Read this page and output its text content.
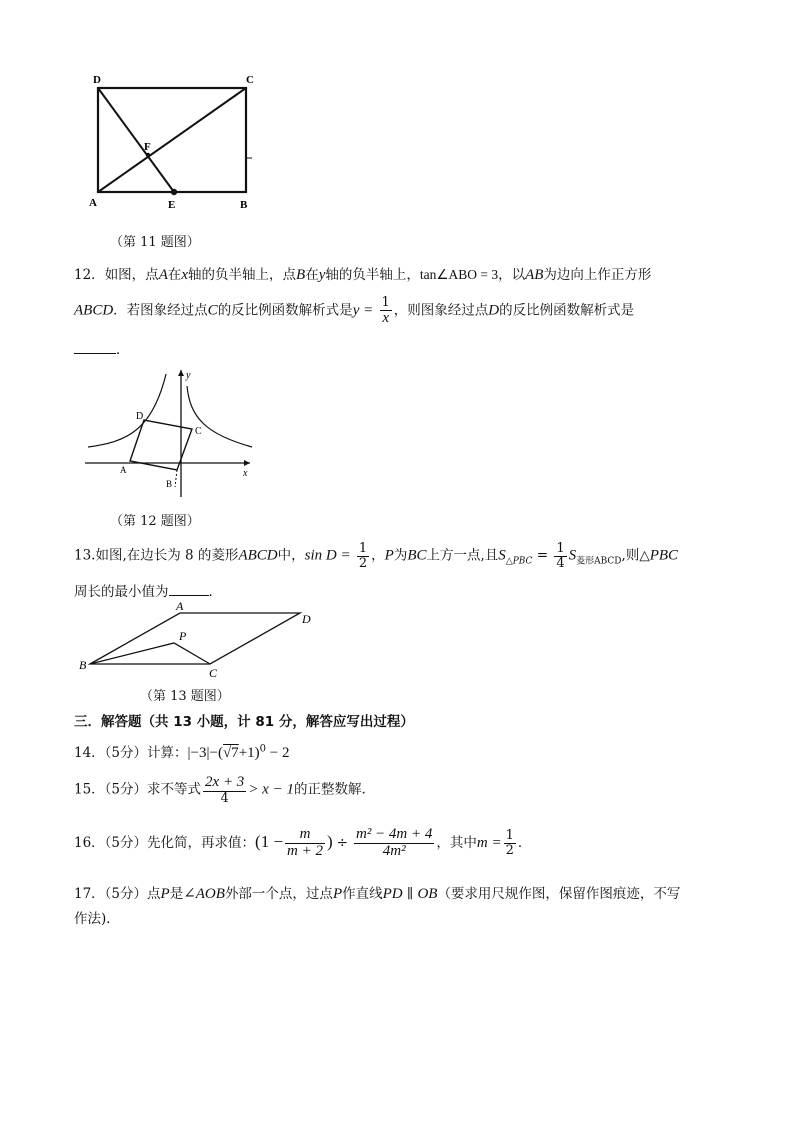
D	C
F
A	E	B
（第 11 题图）
12．如图，点A在x轴的负半轴上，点B在y轴的负半轴上，tan∠ABO = 3，以AB为边向上作正方形
ABCD．若图象经过点C的反比例函数解析式是$y = \frac{1}{x}$ ，则图象经过点D的反比例函数解析式是
．
y
x
D
C
A
B
（第 12 题图）
13.如图,在边长为 8 的菱形ABCD中，$\sin D = \frac{1}{2}$ ，P为BC上方一点,且$S_{\triangle PBC} = \frac{1}{4} S_{菱形ABCD}$,则△PBC
周长的最小值为	．
A
D
P
B
C
（第 13 题图）
三．解答题（共 13 小题，计 81 分，解答应写出过程）
14．（5分）计算：$|-3|-(√7+1)^0 - 2$
15．（5分）求不等式 $\frac{2x + 3}{4} > x - 1$的正整数解．
16．（5分）先化简，再求值：($1 - \frac{m}{m + 2}$ ) ÷ $\frac{\text{m² − 4m + 4}}{\text{4m²}}$ ，其中$m = \frac{1}{2}$ ．
17．（5分）点P是∠AOB外部一个点，过点P作直线PD ∥ OB（要求用尺规作图，保留作图痕迹，不写
作法)．
